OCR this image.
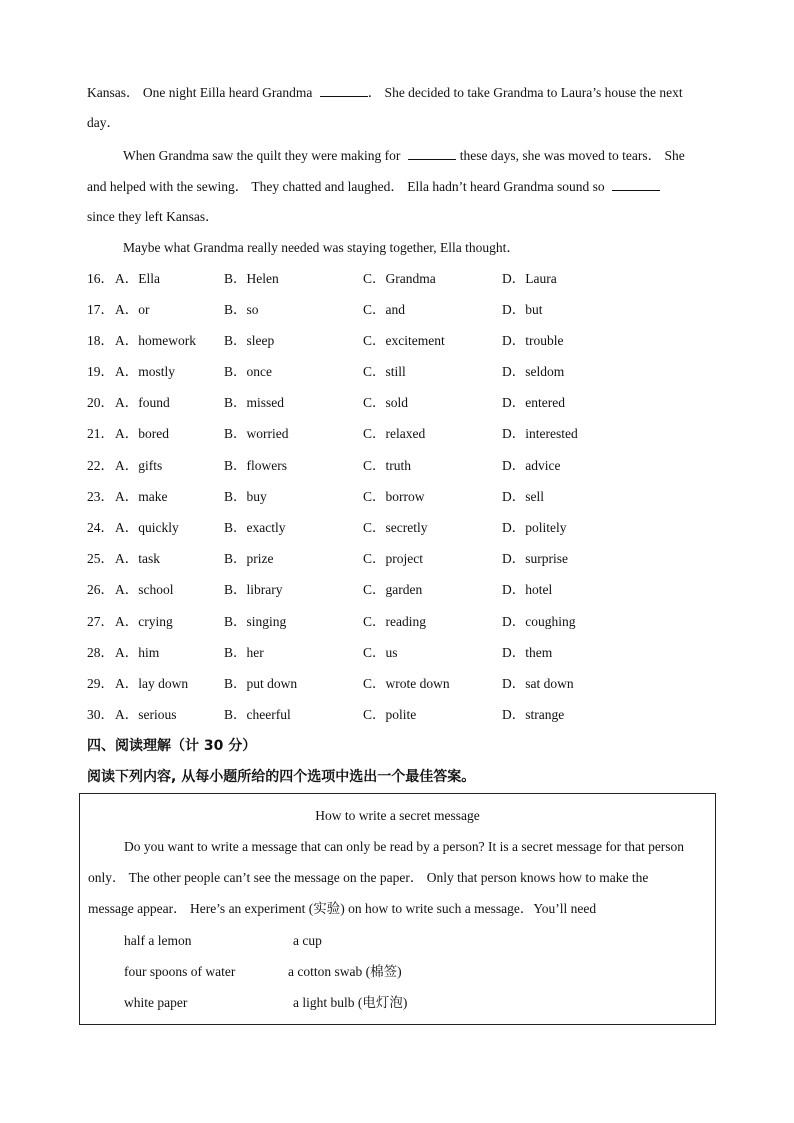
Kansas． One night Eilla heard Grandma	． She decided to take Grandma to Laura’s house the next
day．
When Grandma saw the quilt they were making for	these days, she was moved to tears． She
and helped with the sewing． They chatted and laughed． Ella hadn’t heard Grandma sound so
since they left Kansas．
Maybe what Grandma really needed was staying together, Ella thought．
16． A．Ella	B．Helen	C．Grandma	D．Laura
17． A．or	B．so	C．and	D．but
18． A．homework B．sleep	C．excitement	D．trouble
19． A．mostly	B．once	C．still	D．seldom
20． A．found	B．missed	C．sold	D．entered
21． A．bored	B．worried	C．relaxed	D．interested
22． A．gifts	B．flowers	C．truth	D．advice
23． A．make	B．buy	C．borrow	D．sell
24． A．quickly	B．exactly	C．secretly	D．politely
25． A．task	B．prize	C．project	D．surprise
26． A．school	B．library	C．garden	D．hotel
27． A．crying	B．singing	C．reading	D．coughing
28． A．him	B．her	C．us	D．them
29． A．lay down	B．put down	C．wrote down	D．sat down
30． A．serious	B．cheerful	C．polite	D．strange
四、阅读理解（计 30 分）
阅读下列内容, 从每小题所给的四个选项中选出一个最佳答案。
How to write a secret message
Do you want to write a message that can only be read by a person? It is a secret message for that person
only． The other people can’t see the message on the paper． Only that person knows how to make the
message appear． Here’s an experiment (实验) on how to write such a message．You’ll need
half a lemon	a cup
four spoons of water	a cotton swab (棉签)
white paper	a light bulb (电灯泡)
